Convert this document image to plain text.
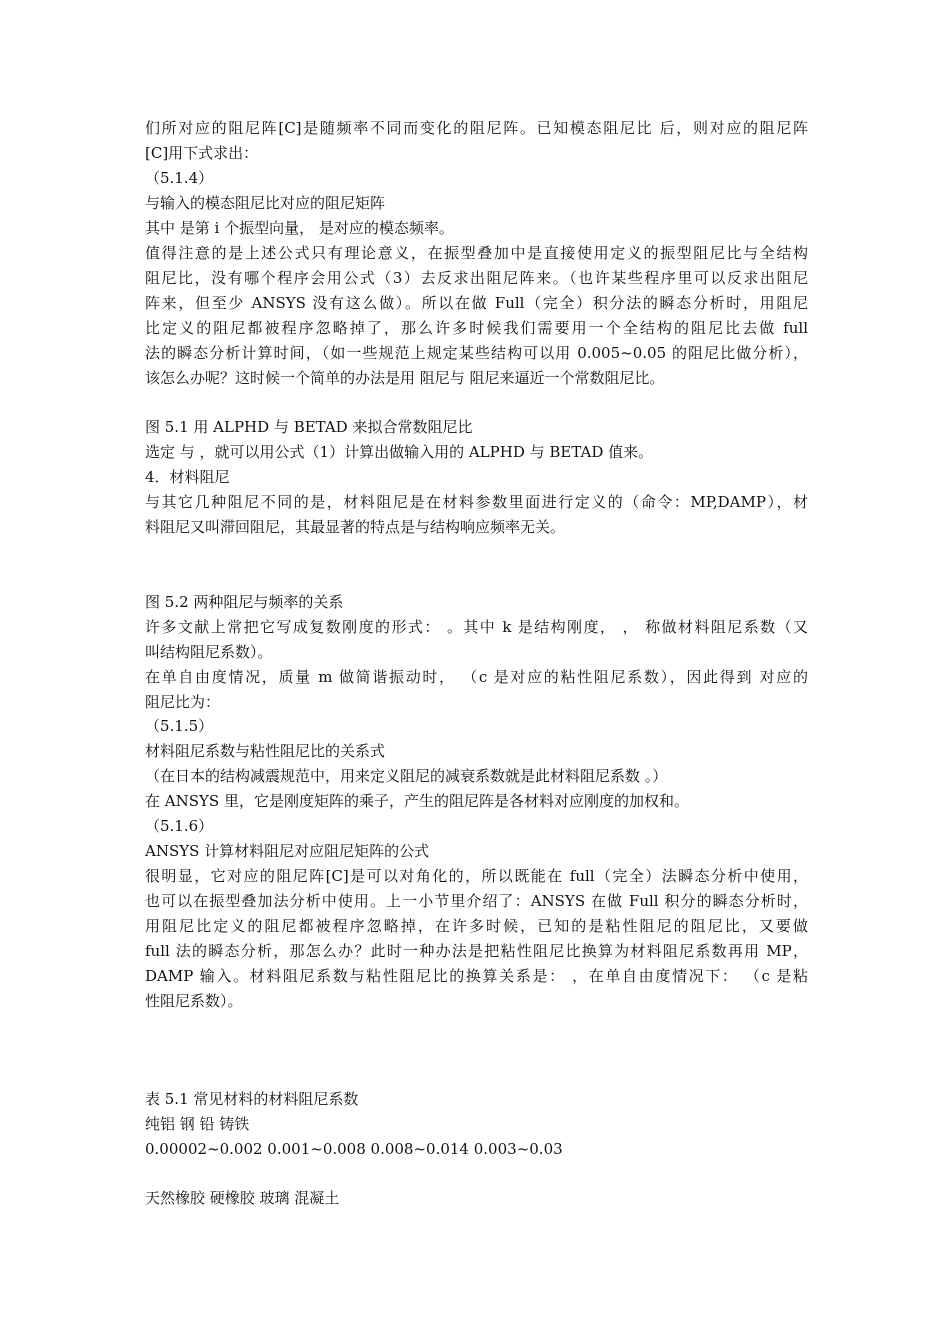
们所对应的阻尼阵[C]是随频率不同而变化的阻尼阵。已知模态阻尼比 后，则对应的阻尼阵
[C]用下式求出：
（5.1.4）
与输入的模态阻尼比对应的阻尼矩阵
其中 是第 i 个振型向量， 是对应的模态频率。
值得注意的是上述公式只有理论意义，在振型叠加中是直接使用定义的振型阻尼比与全结构
阻尼比，没有哪个程序会用公式（3）去反求出阻尼阵来。（也许某些程序里可以反求出阻尼
阵来，但至少 ANSYS 没有这么做）。所以在做 Full（完全）积分法的瞬态分析时，用阻尼
比定义的阻尼都被程序忽略掉了，那么许多时候我们需要用一个全结构的阻尼比去做 full
法的瞬态分析计算时间，（如一些规范上规定某些结构可以用 0.005~0.05 的阻尼比做分析），
该怎么办呢？这时候一个简单的办法是用 阻尼与 阻尼来逼近一个常数阻尼比。
图 5.1 用 ALPHD 与 BETAD 来拟合常数阻尼比
选定 与 ，就可以用公式（1）计算出做输入用的 ALPHD 与 BETAD 值来。
4．材料阻尼
与其它几种阻尼不同的是，材料阻尼是在材料参数里面进行定义的（命令：MP,DAMP），材
料阻尼又叫滞回阻尼，其最显著的特点是与结构响应频率无关。
图 5.2 两种阻尼与频率的关系
许多文献上常把它写成复数刚度的形式： 。其中 k 是结构刚度， ， 称做材料阻尼系数（又
叫结构阻尼系数）。
在单自由度情况，质量 m 做简谐振动时， （c 是对应的粘性阻尼系数），因此得到 对应的
阻尼比为：
（5.1.5）
材料阻尼系数与粘性阻尼比的关系式
（在日本的结构减震规范中，用来定义阻尼的减衰系数就是此材料阻尼系数 。）
在 ANSYS 里，它是刚度矩阵的乘子，产生的阻尼阵是各材料对应刚度的加权和。
（5.1.6）
ANSYS 计算材料阻尼对应阻尼矩阵的公式
很明显，它对应的阻尼阵[C]是可以对角化的，所以既能在 full（完全）法瞬态分析中使用，
也可以在振型叠加法分析中使用。上一小节里介绍了：ANSYS 在做 Full 积分的瞬态分析时，
用阻尼比定义的阻尼都被程序忽略掉，在许多时候，已知的是粘性阻尼的阻尼比，又要做
full 法的瞬态分析，那怎么办？此时一种办法是把粘性阻尼比换算为材料阻尼系数再用 MP，
DAMP 输入。材料阻尼系数与粘性阻尼比的换算关系是： ，在单自由度情况下： （c 是粘
性阻尼系数）。
表 5.1 常见材料的材料阻尼系数
纯铝 钢 铅 铸铁
0.00002~0.002 0.001~0.008 0.008~0.014 0.003~0.03
天然橡胶 硬橡胶 玻璃 混凝土
